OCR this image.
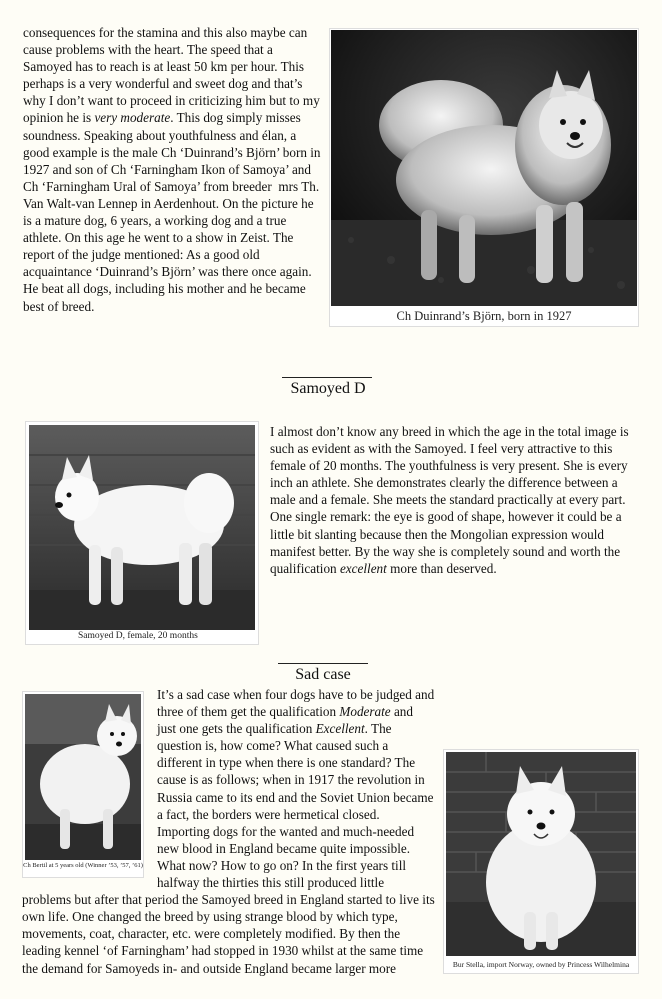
consequences for the stamina and this also maybe can cause problems with the heart. The speed that a Samoyed has to reach is at least 50 km per hour. This perhaps is a very wonderful and sweet dog and that’s why I don’t want to proceed in criticizing him but to my opinion he is very moderate. This dog simply misses soundness. Speaking about youthfulness and élan, a good example is the male Ch ‘Duinrand’s Björn’ born in 1927 and son of Ch ‘Farningham Ikon of Samoya’ and Ch ‘Farningham Ural of Samoya’ from breeder  mrs Th. Van Walt-van Lennep in Aerdenhout. On the picture he is a mature dog, 6 years, a working dog and a true athlete. On this age he went to a show in Zeist. The report of the judge mentioned: As a good old acquaintance ‘Duinrand’s Björn’ was there once again. He beat all dogs, including his mother and he became best of breed.

Ch Duinrand’s Björn, born in 1927
Samoyed D
Samoyed D, female, 20 months

I almost don’t know any breed in which the age in the total image is such as evident as with the Samoyed. I feel very attractive to this female of 20 months. The youthfulness is very present. She is every inch an athlete. She demonstrates clearly the difference between a male and a female. She meets the standard practically at every part. One single remark: the eye is good of shape, however it could be a little bit slanting because then the Mongolian expression would manifest better. By the way she is completely sound and worth the qualification excellent more than deserved.

Sad case
Ch Bertil at 5 years old (Winner ’53, ’57, ’61)

It’s a sad case when four dogs have to be judged and three of them get the qualification Moderate and just one gets the qualification Excellent. The question is, how come? What caused such a different in type when there is one standard? The cause is as follows; when in 1917 the revolution in Russia came to its end and the Soviet Union became a fact, the borders were hermetical closed. Importing dogs for the wanted and much-needed new blood in England became quite impossible. What now? How to go on? In the first years till halfway the thirties this still produced little problems but after that period the Samoyed breed in England started to live its own life. One changed the breed by using strange blood by which type, movements, coat, character, etc. were completely modified. By then the leading kennel ‘of Farningham’ had stopped in 1930 whilst at the same time the demand for Samoyeds in- and outside England became larger more	Bur Stella, import Norway, owned by Princess Wilhelmina
